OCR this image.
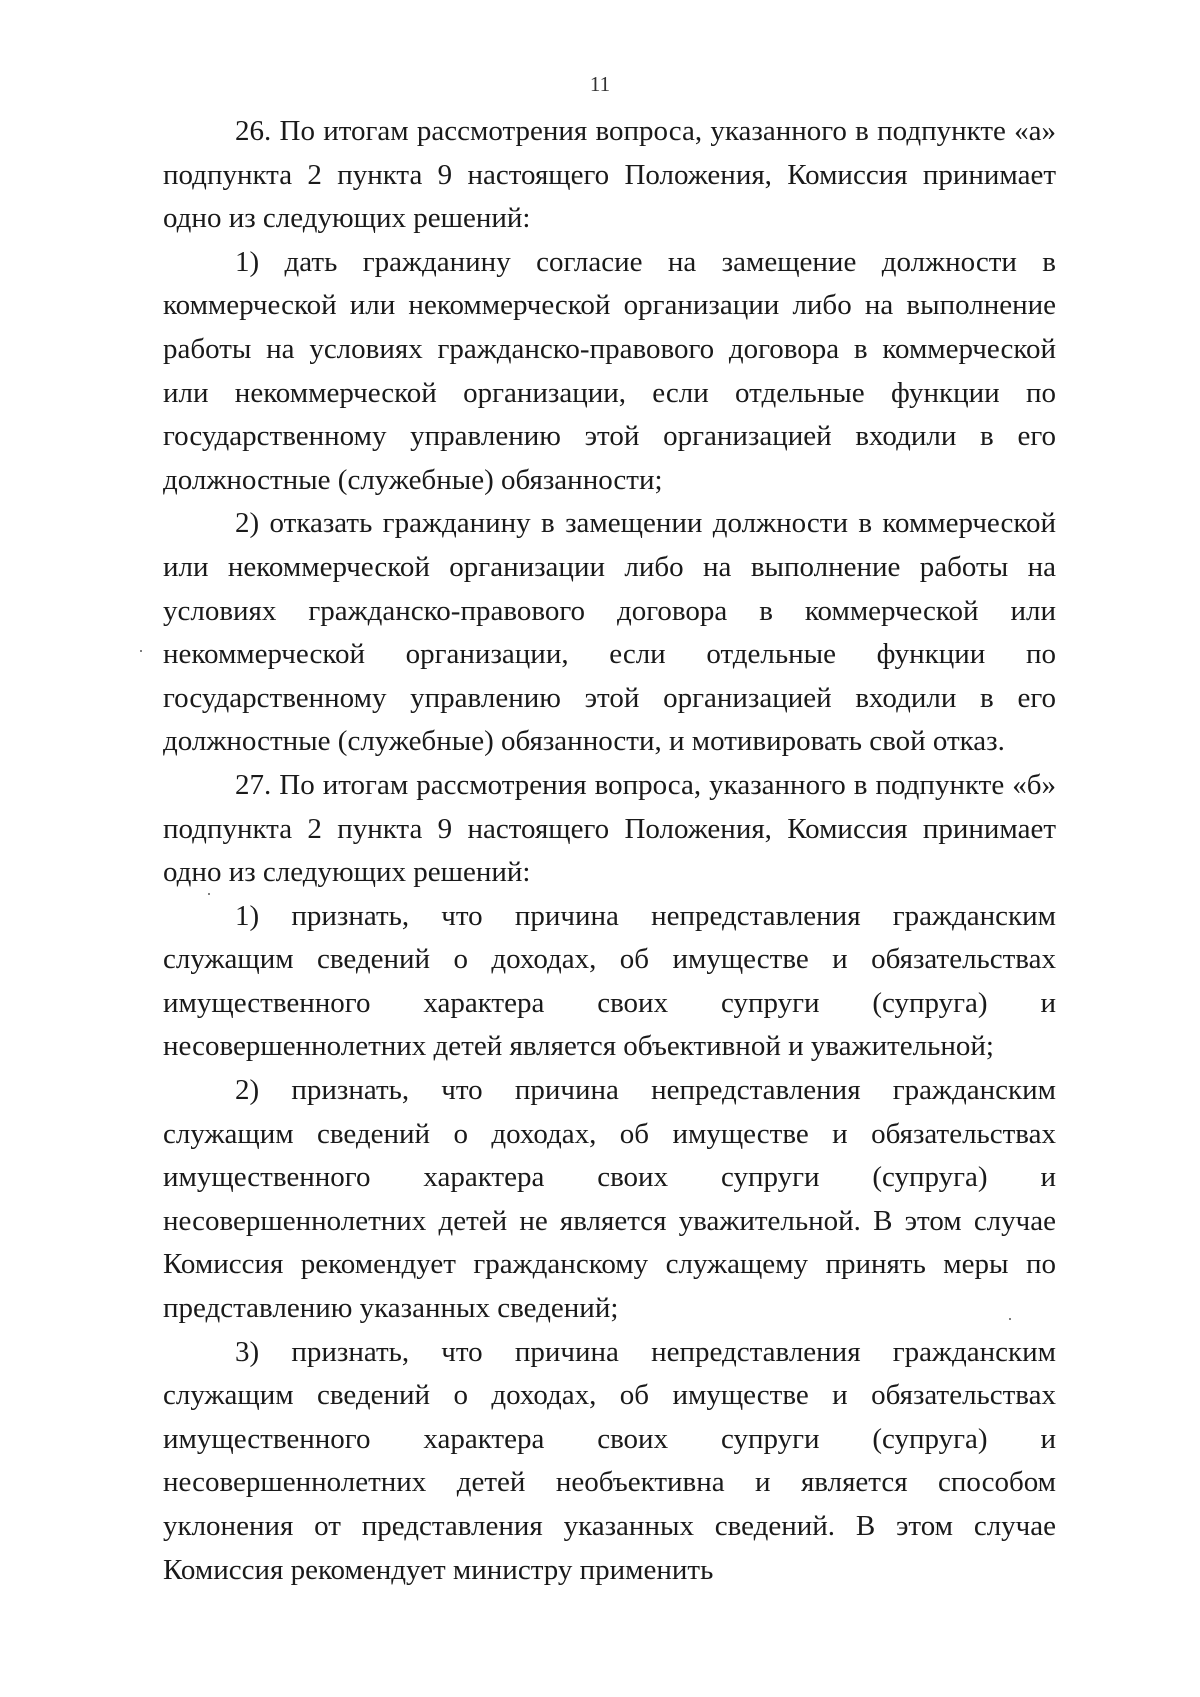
11

26. По итогам рассмотрения вопроса, указанного в подпункте «а» подпункта 2 пункта 9 настоящего Положения, Комиссия принимает одно из следующих решений:

1) дать гражданину согласие на замещение должности в коммерческой или некоммерческой организации либо на выполнение работы на условиях гражданско-правового договора в коммерческой или некоммерческой организации, если отдельные функции по государственному управлению этой организацией входили в его должностные (служебные) обязанности;

2) отказать гражданину в замещении должности в коммерческой или некоммерческой организации либо на выполнение работы на условиях гражданско-правового договора в коммерческой или некоммерческой организации, если отдельные функции по государственному управлению этой организацией входили в его должностные (служебные) обязанности, и мотивировать свой отказ.

27. По итогам рассмотрения вопроса, указанного в подпункте «б» подпункта 2 пункта 9 настоящего Положения, Комиссия принимает одно из следующих решений:

1) признать, что причина непредставления гражданским служащим сведений о доходах, об имуществе и обязательствах имущественного характера своих супруги (супруга) и несовершеннолетних детей является объективной и уважительной;

2) признать, что причина непредставления гражданским служащим сведений о доходах, об имуществе и обязательствах имущественного характера своих супруги (супруга) и несовершеннолетних детей не является уважительной. В этом случае Комиссия рекомендует гражданскому служащему принять меры по представлению указанных сведений;

3) признать, что причина непредставления гражданским служащим сведений о доходах, об имуществе и обязательствах имущественного характера своих супруги (супруга) и несовершеннолетних детей необъективна и является способом уклонения от представления указанных сведений. В этом случае Комиссия рекомендует министру применить
